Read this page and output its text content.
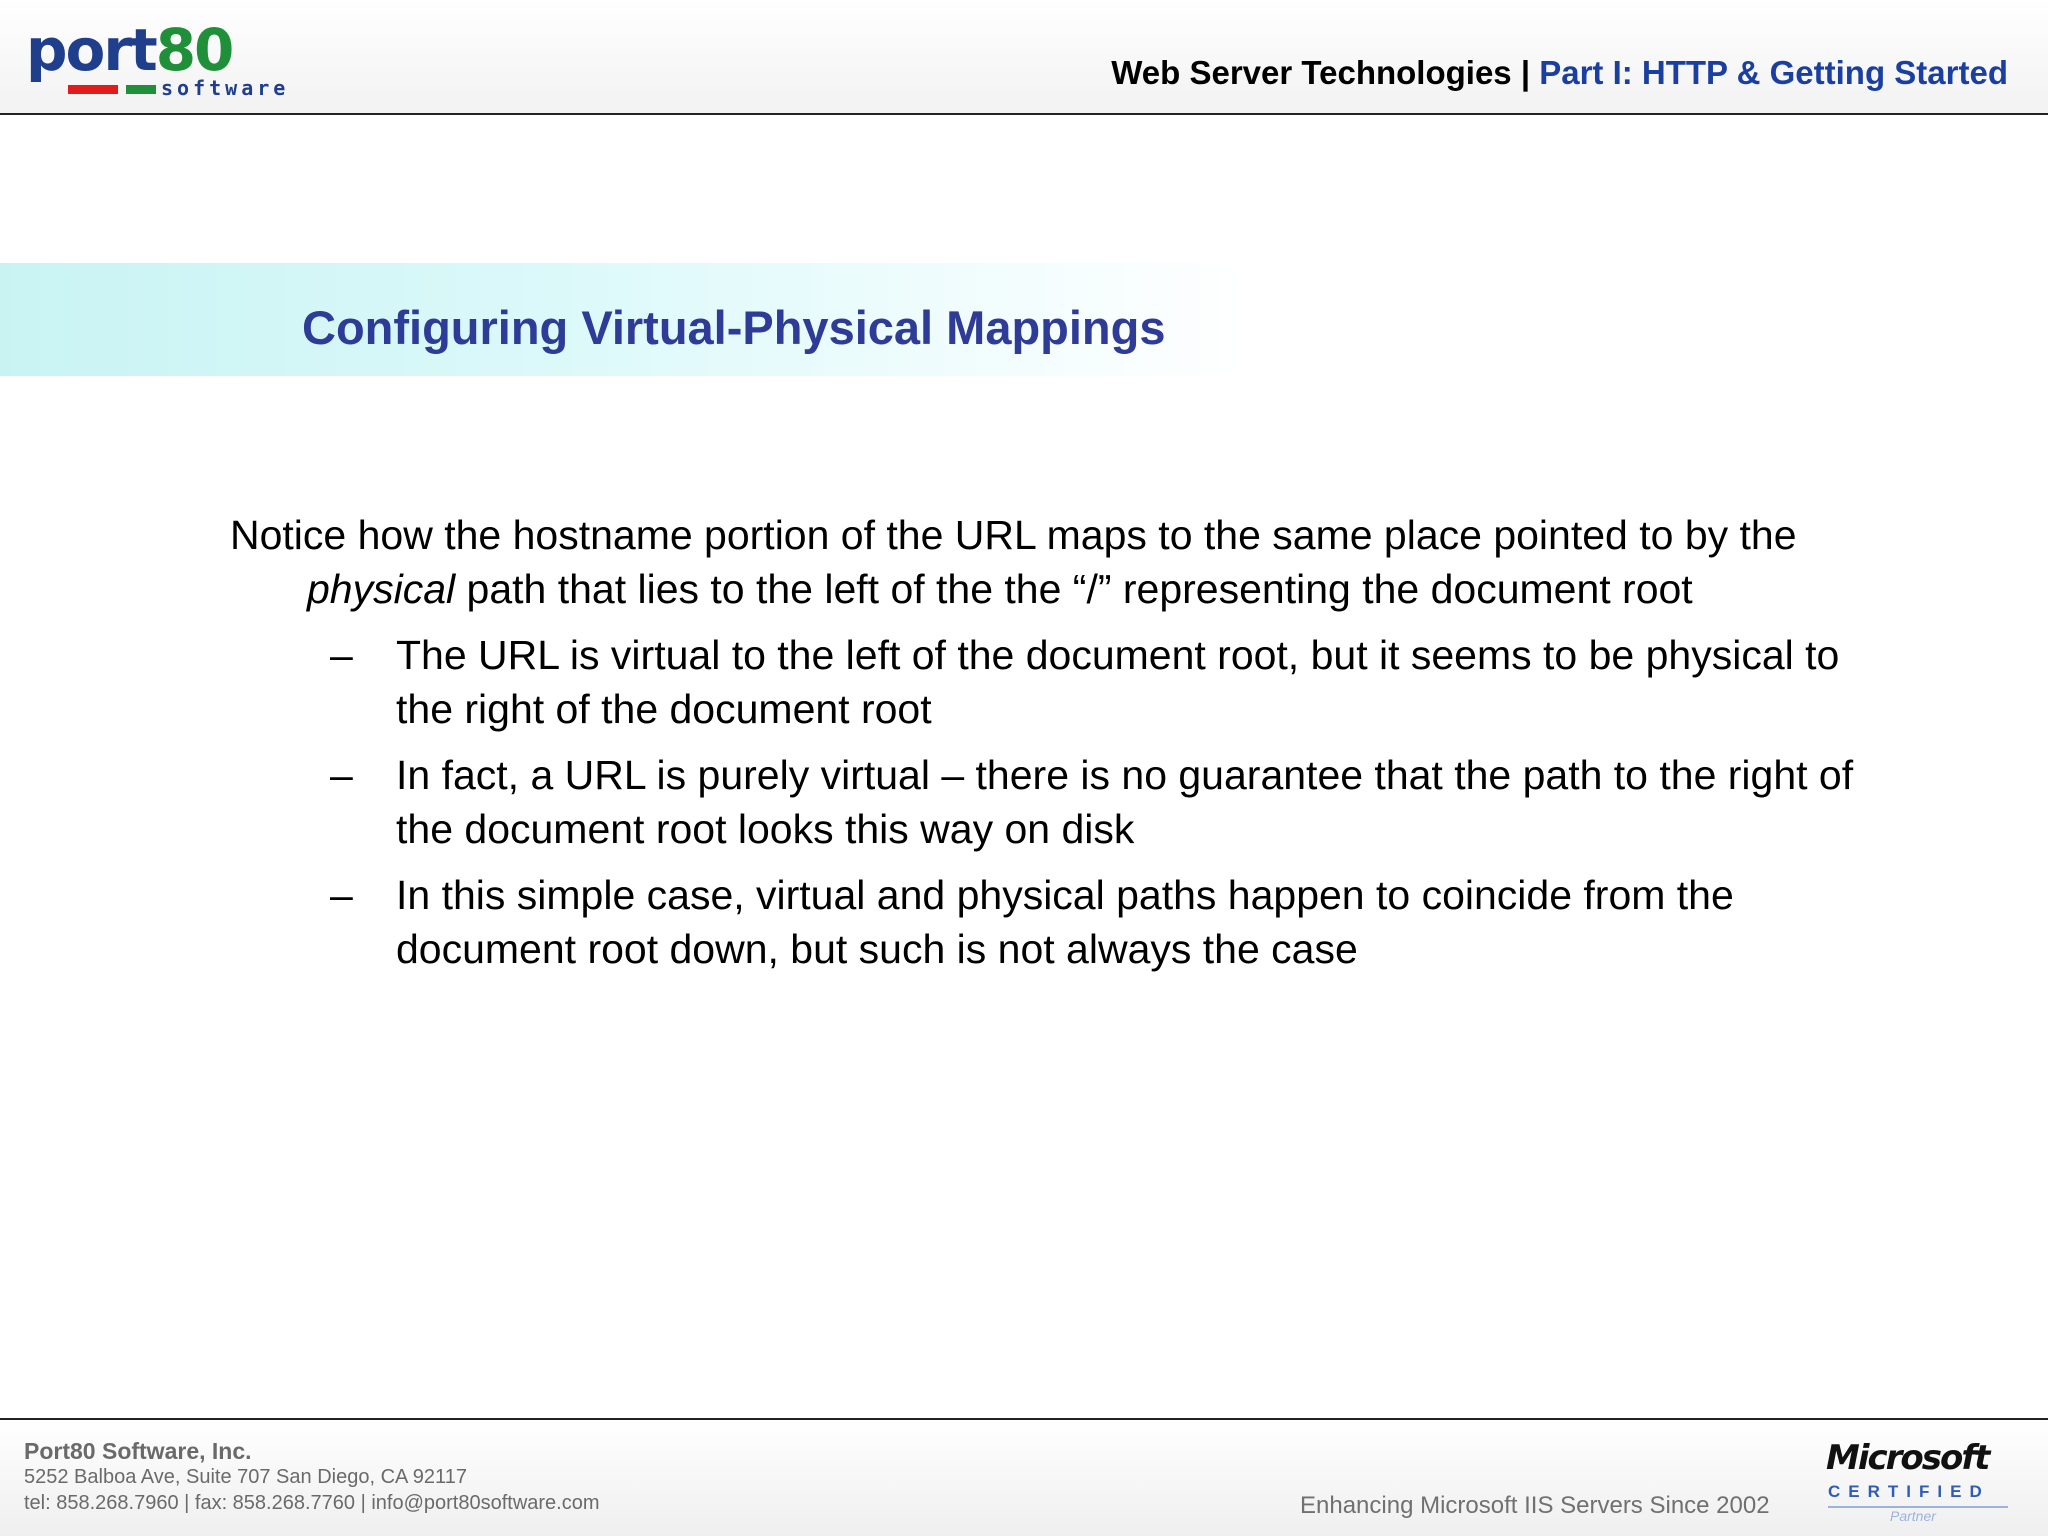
port80
software	Web Server Technologies | Part I: HTTP & Getting Started
Configuring Virtual-Physical Mappings
Notice how the hostname portion of the URL maps to the same place pointed to by the physical path that lies to the left of the the “/” representing the document root
– The URL is virtual to the left of the document root, but it seems to be physical to the right of the document root
– In fact, a URL is purely virtual – there is no guarantee that the path to the right of the document root looks this way on disk
– In this simple case, virtual and physical paths happen to coincide from the document root down, but such is not always the case
Port80 Software, Inc.
5252 Balboa Ave, Suite 707 San Diego, CA 92117
tel: 858.268.7960 | fax: 858.268.7760 | info@port80software.com	Enhancing Microsoft IIS Servers Since 2002
Microsoft
CERTIFIED
Partner
